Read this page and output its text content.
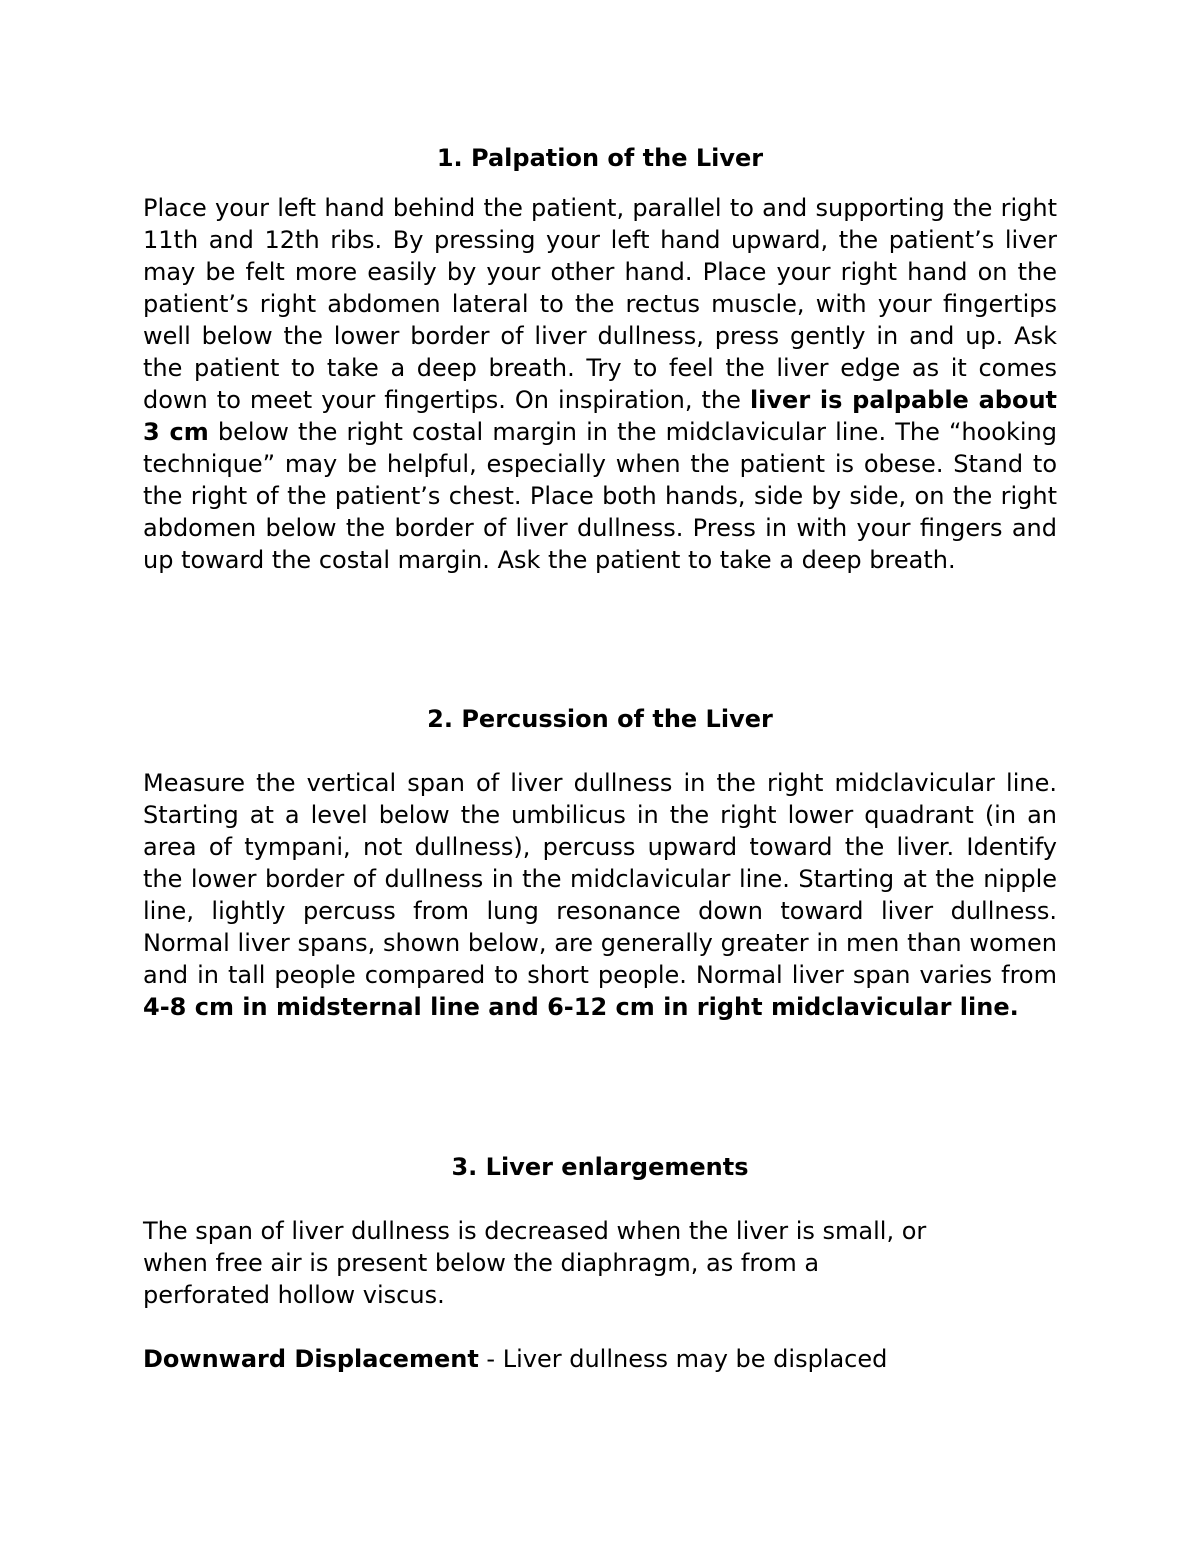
1. Palpation of the Liver

Place your left hand behind the patient, parallel to and supporting the right 11th and 12th ribs. By pressing your left hand upward, the patient’s liver may be felt more easily by your other hand. Place your right hand on the patient’s right abdomen lateral to the rectus muscle, with your fingertips well below the lower border of liver dullness, press gently in and up. Ask the patient to take a deep breath. Try to feel the liver edge as it comes down to meet your fingertips. On inspiration, the liver is palpable about 3 cm below the right costal margin in the midclavicular line. The “hooking technique” may be helpful, especially when the patient is obese. Stand to the right of the patient’s chest. Place both hands, side by side, on the right abdomen below the border of liver dullness. Press in with your fingers and up toward the costal margin. Ask the patient to take a deep breath.

2. Percussion of the Liver

Measure the vertical span of liver dullness in the right midclavicular line. Starting at a level below the umbilicus in the right lower quadrant (in an area of tympani, not dullness), percuss upward toward the liver. Identify the lower border of dullness in the midclavicular line. Starting at the nipple line, lightly percuss from lung resonance down toward liver dullness. Normal liver spans, shown below, are generally greater in men than women and in tall people compared to short people. Normal liver span varies from 4-8 cm in midsternal line and 6-12 cm in right midclavicular line.

3. Liver enlargements

The span of liver dullness is decreased when the liver is small, or when free air is present below the diaphragm, as from a perforated hollow viscus.

Downward Displacement - Liver dullness may be displaced
